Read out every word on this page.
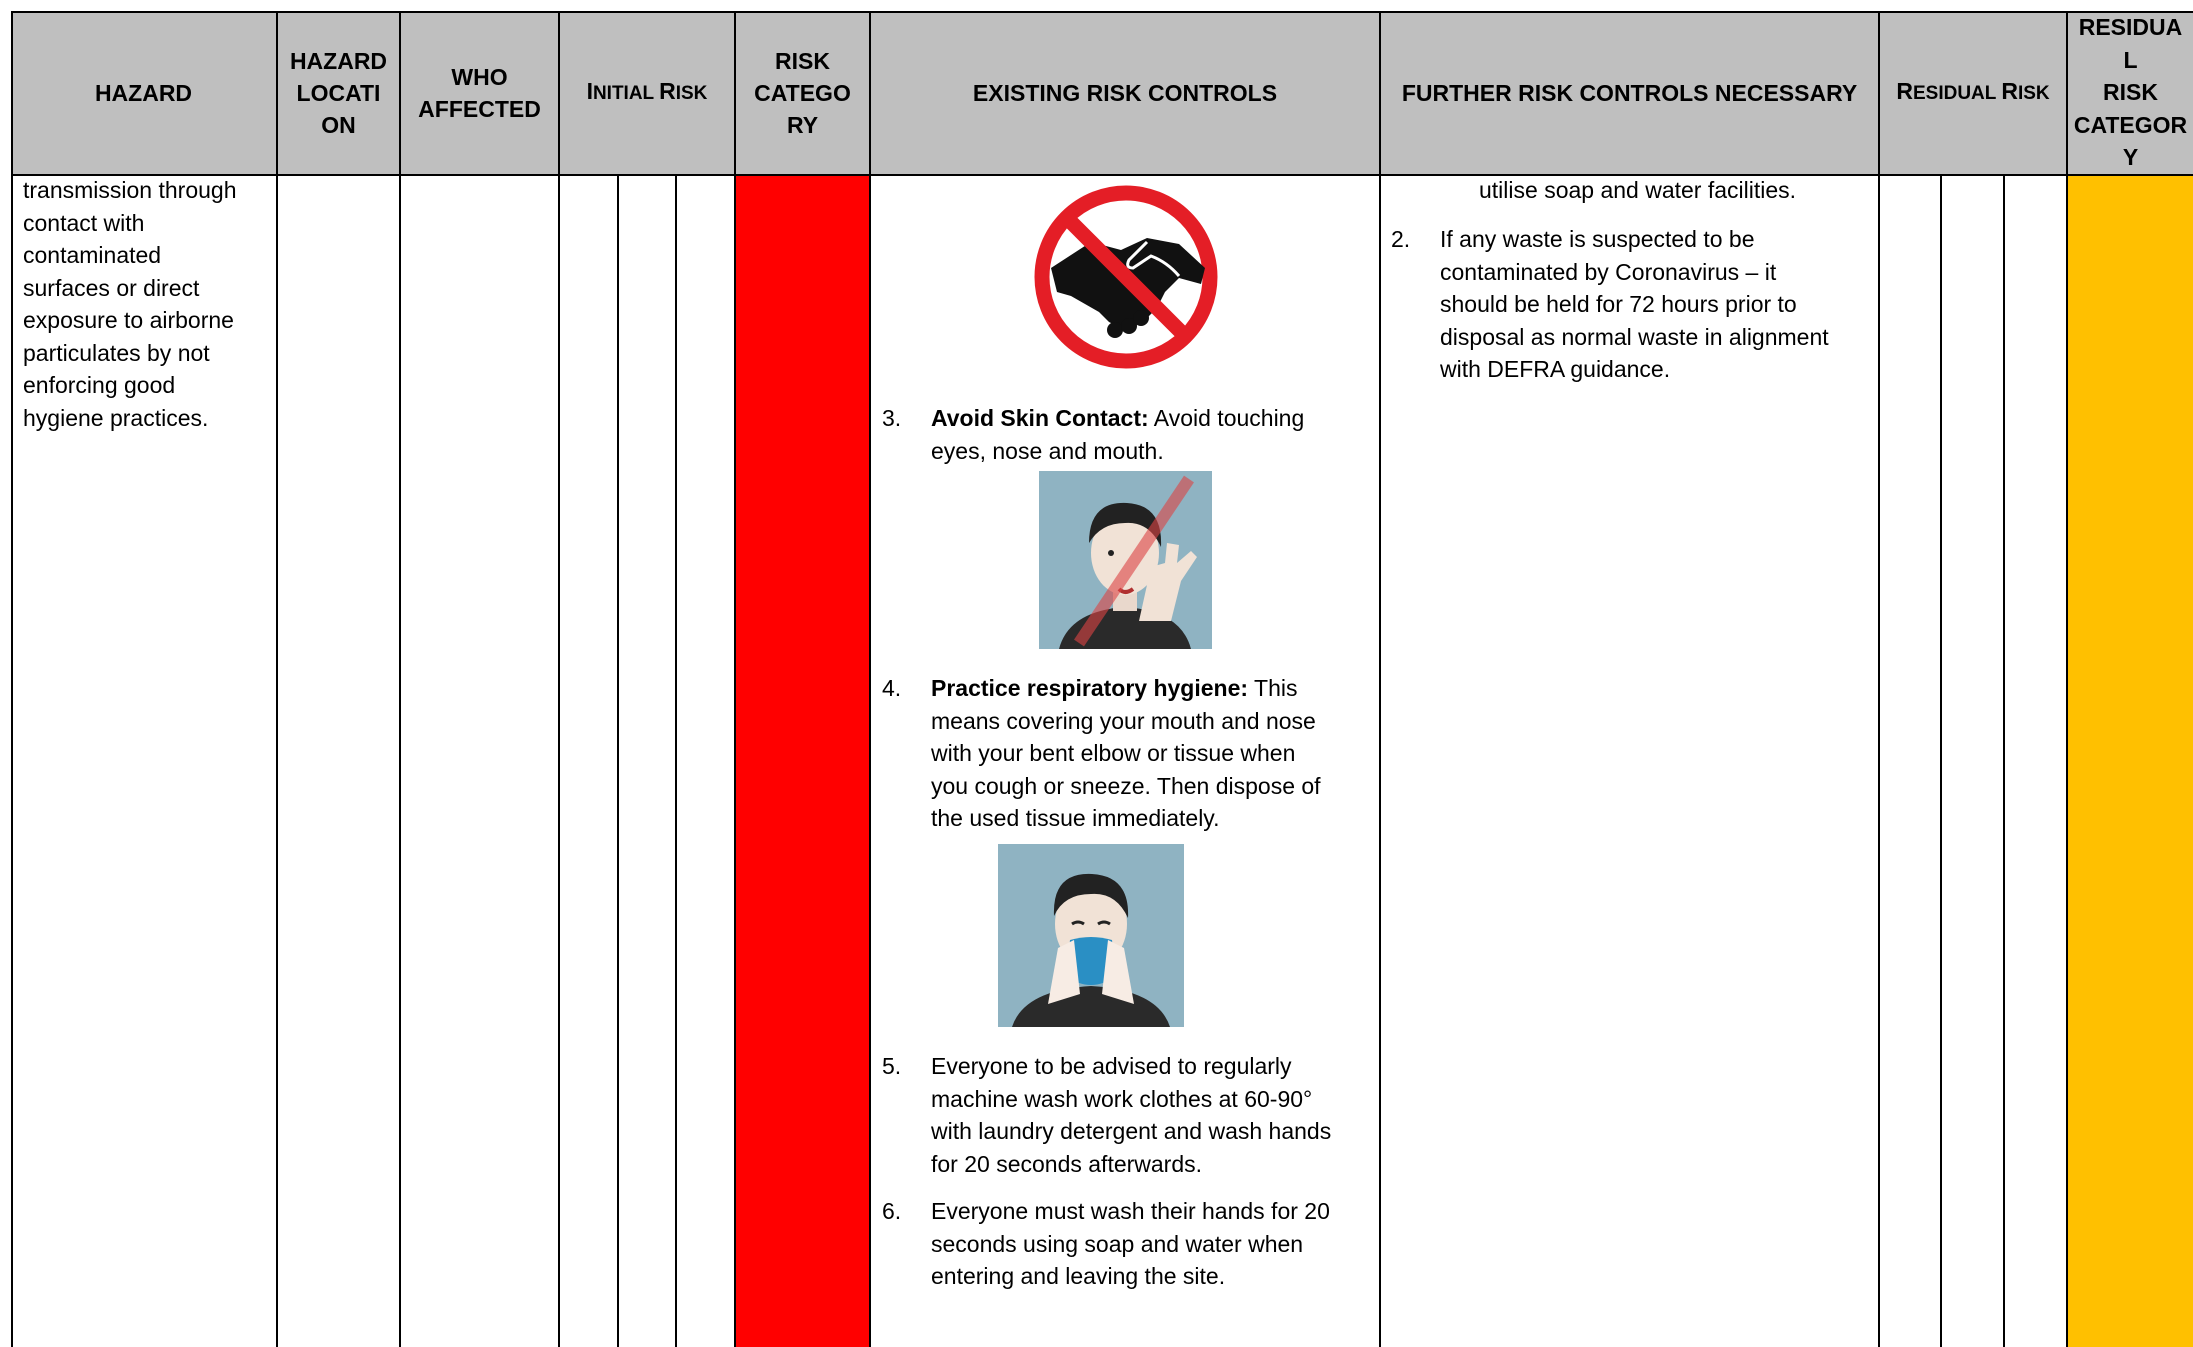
HAZARD
HAZARD
LOCATI
ON
WHO
AFFECTED
INITIAL RISK
RISK
CATEGO
RY
EXISTING RISK CONTROLS	FURTHER RISK CONTROLS NECESSARY RESIDUAL RISK
RESIDUA
L
RISK
CATEGOR
Y
transmission through
contact with
contaminated
surfaces or direct
exposure to airborne
particulates by not
enforcing good
hygiene practices.	3. Avoid Skin Contact: Avoid touching
eyes, nose and mouth.
4. Practice respiratory hygiene: This
means covering your mouth and nose
with your bent elbow or tissue when
you cough or sneeze. Then dispose of
the used tissue immediately.
5. Everyone to be advised to regularly
machine wash work clothes at 60-90°
with laundry detergent and wash hands
for 20 seconds afterwards.
6. Everyone must wash their hands for 20
seconds using soap and water when
entering and leaving the site.
utilise soap and water facilities.
2. If any waste is suspected to be
contaminated by Coronavirus – it
should be held for 72 hours prior to
disposal as normal waste in alignment
with DEFRA guidance.
